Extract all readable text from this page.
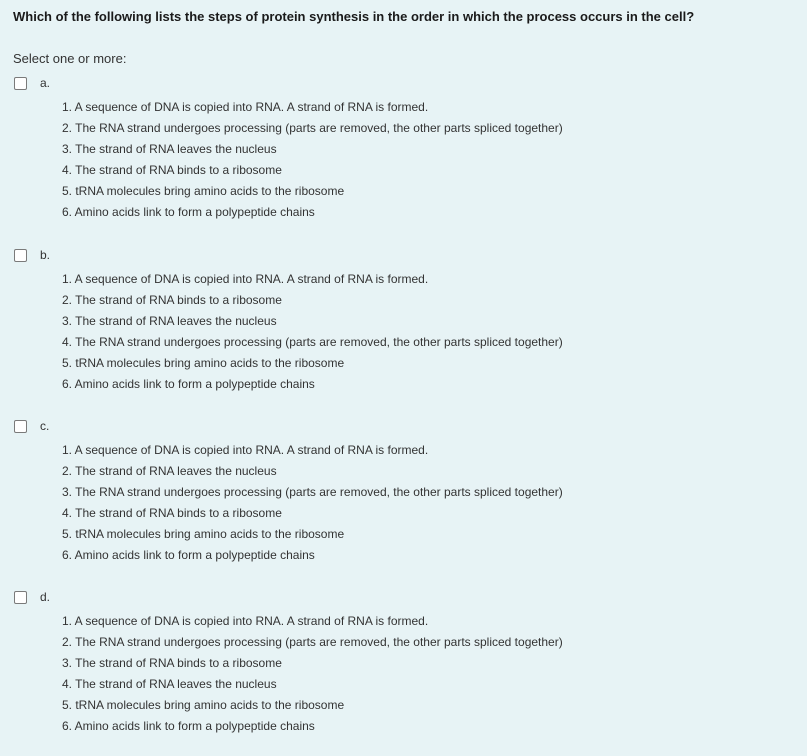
Which of the following lists the steps of protein synthesis in the order in which the process occurs in the cell?
Select one or more:
a.
1. A sequence of DNA is copied into RNA. A strand of RNA is formed.
2. The RNA strand undergoes processing (parts are removed, the other parts spliced together)
3. The strand of RNA leaves the nucleus
4. The strand of RNA binds to a ribosome
5. tRNA molecules bring amino acids to the ribosome
6. Amino acids link to form a polypeptide chains
b.
1. A sequence of DNA is copied into RNA. A strand of RNA is formed.
2. The strand of RNA binds to a ribosome
3. The strand of RNA leaves the nucleus
4. The RNA strand undergoes processing (parts are removed, the other parts spliced together)
5. tRNA molecules bring amino acids to the ribosome
6. Amino acids link to form a polypeptide chains
c.
1. A sequence of DNA is copied into RNA. A strand of RNA is formed.
2. The strand of RNA leaves the nucleus
3. The RNA strand undergoes processing (parts are removed, the other parts spliced together)
4. The strand of RNA binds to a ribosome
5. tRNA molecules bring amino acids to the ribosome
6. Amino acids link to form a polypeptide chains
d.
1. A sequence of DNA is copied into RNA. A strand of RNA is formed.
2. The RNA strand undergoes processing (parts are removed, the other parts spliced together)
3. The strand of RNA binds to a ribosome
4. The strand of RNA leaves the nucleus
5. tRNA molecules bring amino acids to the ribosome
6. Amino acids link to form a polypeptide chains
